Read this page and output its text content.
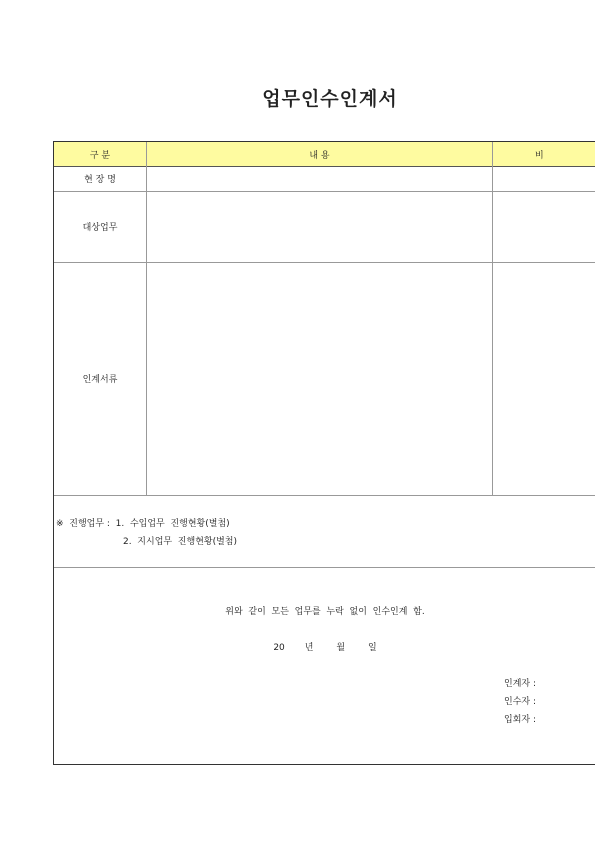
업무인수인계서
구 분	내 용	비
현 장 명
대상업무
인계서류
※  진행업무 :  1.  수입업무  진행현황(별첨)
2.  지시업무  진행현황(별첨)
위와  같이  모든  업무를  누락  없이  인수인계  함.
20       년        월        일
인계자 :
인수자 :
입회자 :
